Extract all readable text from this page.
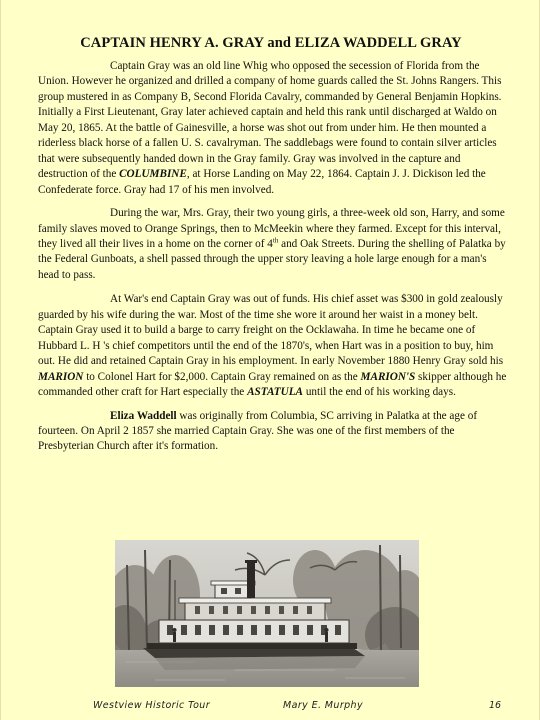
CAPTAIN HENRY A. GRAY and ELIZA WADDELL GRAY

Captain Gray was an old line Whig who opposed the secession of Florida from the Union. However he organized and drilled a company of home guards called the St. Johns Rangers. This group mustered in as Company B, Second Florida Cavalry, commanded by General Benjamin Hopkins. Initially a First Lieutenant, Gray later achieved captain and held this rank until discharged at Waldo on May 20, 1865. At the battle of Gainesville, a horse was shot out from under him. He then mounted a riderless black horse of a fallen U. S. cavalryman. The saddlebags were found to contain silver articles that were subsequently handed down in the Gray family. Gray was involved in the capture and destruction of the COLUMBINE, at Horse Landing on May 22, 1864. Captain J. J. Dickison led the Confederate force. Gray had 17 of his men involved.

During the war, Mrs. Gray, their two young girls, a three-week old son, Harry, and some family slaves moved to Orange Springs, then to McMeekin where they farmed. Except for this interval, they lived all their lives in a home on the corner of 4th and Oak Streets. During the shelling of Palatka by the Federal Gunboats, a shell passed through the upper story leaving a hole large enough for a man's head to pass.

At War's end Captain Gray was out of funds. His chief asset was $300 in gold zealously guarded by his wife during the war. Most of the time she wore it around her waist in a money belt. Captain Gray used it to build a barge to carry freight on the Ocklawaha. In time he became one of Hubbard L. H 's chief competitors until the end of the 1870's, when Hart was in a position to buy, him out. He did and retained Captain Gray in his employment. In early November 1880 Henry Gray sold his MARION to Colonel Hart for $2,000. Captain Gray remained on as the MARION'S skipper although he commanded other craft for Hart especially the ASTATULA until the end of his working days.

Eliza Waddell was originally from Columbia, SC arriving in Palatka at the age of fourteen. On April 2 1857 she married Captain Gray. She was one of the first members of the Presbyterian Church after it's formation.

Westview Historic Tour	Mary E. Murphy	16
